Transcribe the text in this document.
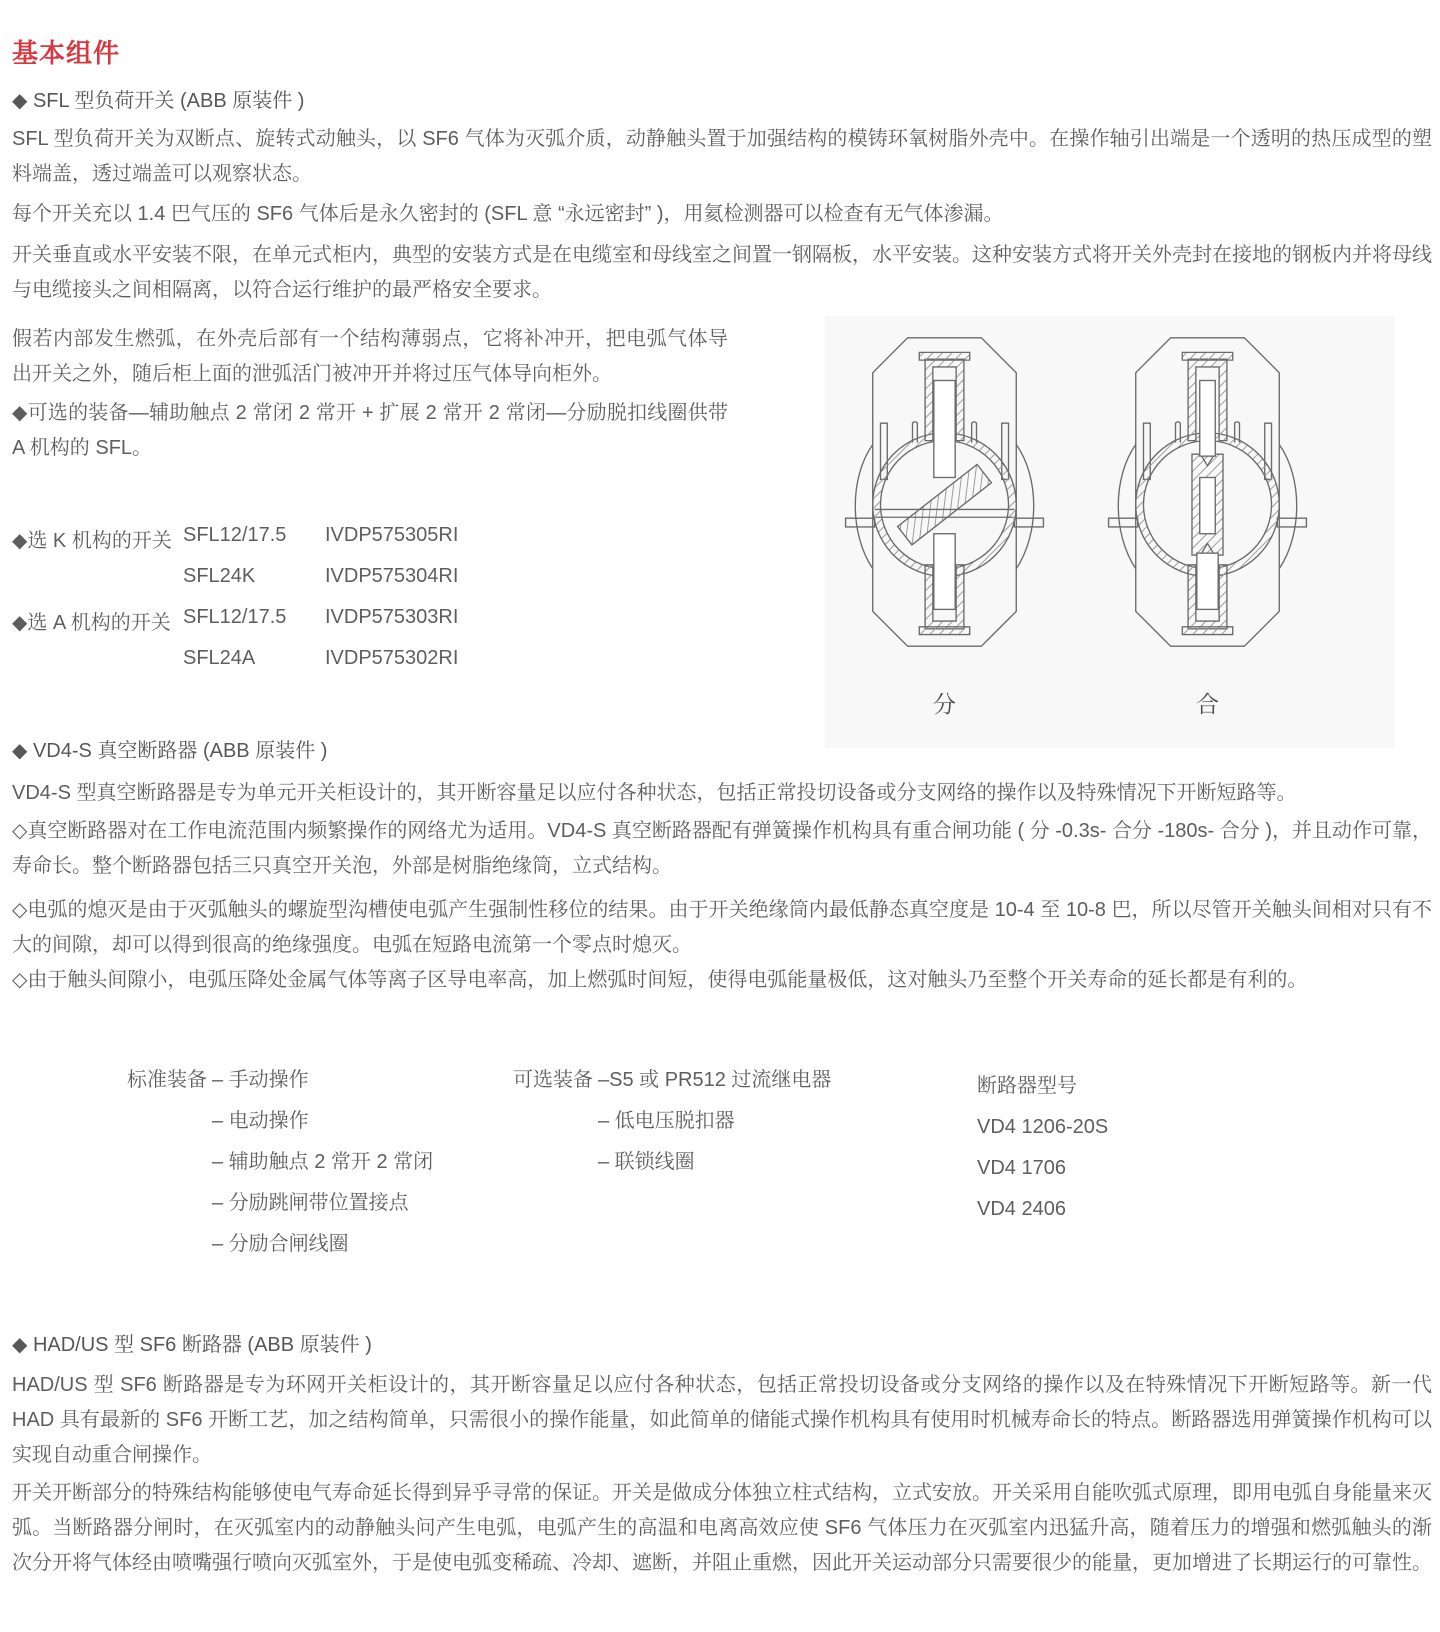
基本组件
◆ SFL 型负荷开关 (ABB 原装件 )
SFL 型负荷开关为双断点、旋转式动触头，以 SF6 气体为灭弧介质，动静触头置于加强结构的模铸环氧树脂外壳中。在操作轴引出端是一个透明的热压成型的塑料端盖，透过端盖可以观察状态。
每个开关充以 1.4 巴气压的 SF6 气体后是永久密封的 (SFL 意 “永远密封” )，用氦检测器可以检查有无气体渗漏。
开关垂直或水平安装不限，在单元式柜内，典型的安装方式是在电缆室和母线室之间置一钢隔板，水平安装。这种安装方式将开关外壳封在接地的钢板内并将母线与电缆接头之间相隔离，以符合运行维护的最严格安全要求。
假若内部发生燃弧，在外壳后部有一个结构薄弱点，它将补冲开，把电弧气体导出开关之外，随后柜上面的泄弧活门被冲开并将过压气体导向柜外。
◆可选的装备—辅助触点 2 常闭 2 常开 + 扩展 2 常开 2 常闭—分励脱扣线圈供带 A 机构的 SFL。
◆选 K 机构的开关 SFL12/17.5 IVDP575305RI
SFL24K	IVDP575304RI
◆选 A 机构的开关 SFL12/17.5 IVDP575303RI
SFL24A	IVDP575302RI
分	合
◆ VD4-S 真空断路器 (ABB 原装件 )
VD4-S 型真空断路器是专为单元开关柜设计的，其开断容量足以应付各种状态，包括正常投切设备或分支网络的操作以及特殊情况下开断短路等。
◇真空断路器对在工作电流范围内频繁操作的网络尤为适用。VD4-S 真空断路器配有弹簧操作机构具有重合闸功能 ( 分 -0.3s- 合分 -180s- 合分 )，并且动作可靠，寿命长。整个断路器包括三只真空开关泡，外部是树脂绝缘筒，立式结构。
◇电弧的熄灭是由于灭弧触头的螺旋型沟槽使电弧产生强制性移位的结果。由于开关绝缘筒内最低静态真空度是 10-4 至 10-8 巴，所以尽管开关触头间相对只有不大的间隙，却可以得到很高的绝缘强度。电弧在短路电流第一个零点时熄灭。
◇由于触头间隙小，电弧压降处金属气体等离子区导电率高，加上燃弧时间短，使得电弧能量极低，这对触头乃至整个开关寿命的延长都是有利的。
标准装备 – 手动操作
– 电动操作
– 辅助触点 2 常开 2 常闭
– 分励跳闸带位置接点
– 分励合闸线圈
可选装备 –S5 或 PR512 过流继电器
– 低电压脱扣器
– 联锁线圈
断路器型号
VD4 1206-20S
VD4 1706
VD4 2406
◆ HAD/US 型 SF6 断路器 (ABB 原装件 )
HAD/US 型 SF6 断路器是专为环网开关柜设计的，其开断容量足以应付各种状态，包括正常投切设备或分支网络的操作以及在特殊情况下开断短路等。新一代 HAD 具有最新的 SF6 开断工艺，加之结构简单，只需很小的操作能量，如此简单的储能式操作机构具有使用时机械寿命长的特点。断路器选用弹簧操作机构可以实现自动重合闸操作。
开关开断部分的特殊结构能够使电气寿命延长得到异乎寻常的保证。开关是做成分体独立柱式结构，立式安放。开关采用自能吹弧式原理，即用电弧自身能量来灭弧。当断路器分闸时，在灭弧室内的动静触头问产生电弧，电弧产生的高温和电离高效应使 SF6 气体压力在灭弧室内迅猛升高，随着压力的增强和燃弧触头的渐次分开将气体经由喷嘴强行喷向灭弧室外，于是使电弧变稀疏、冷却、遮断，并阻止重燃，因此开关运动部分只需要很少的能量，更加增进了长期运行的可靠性。
